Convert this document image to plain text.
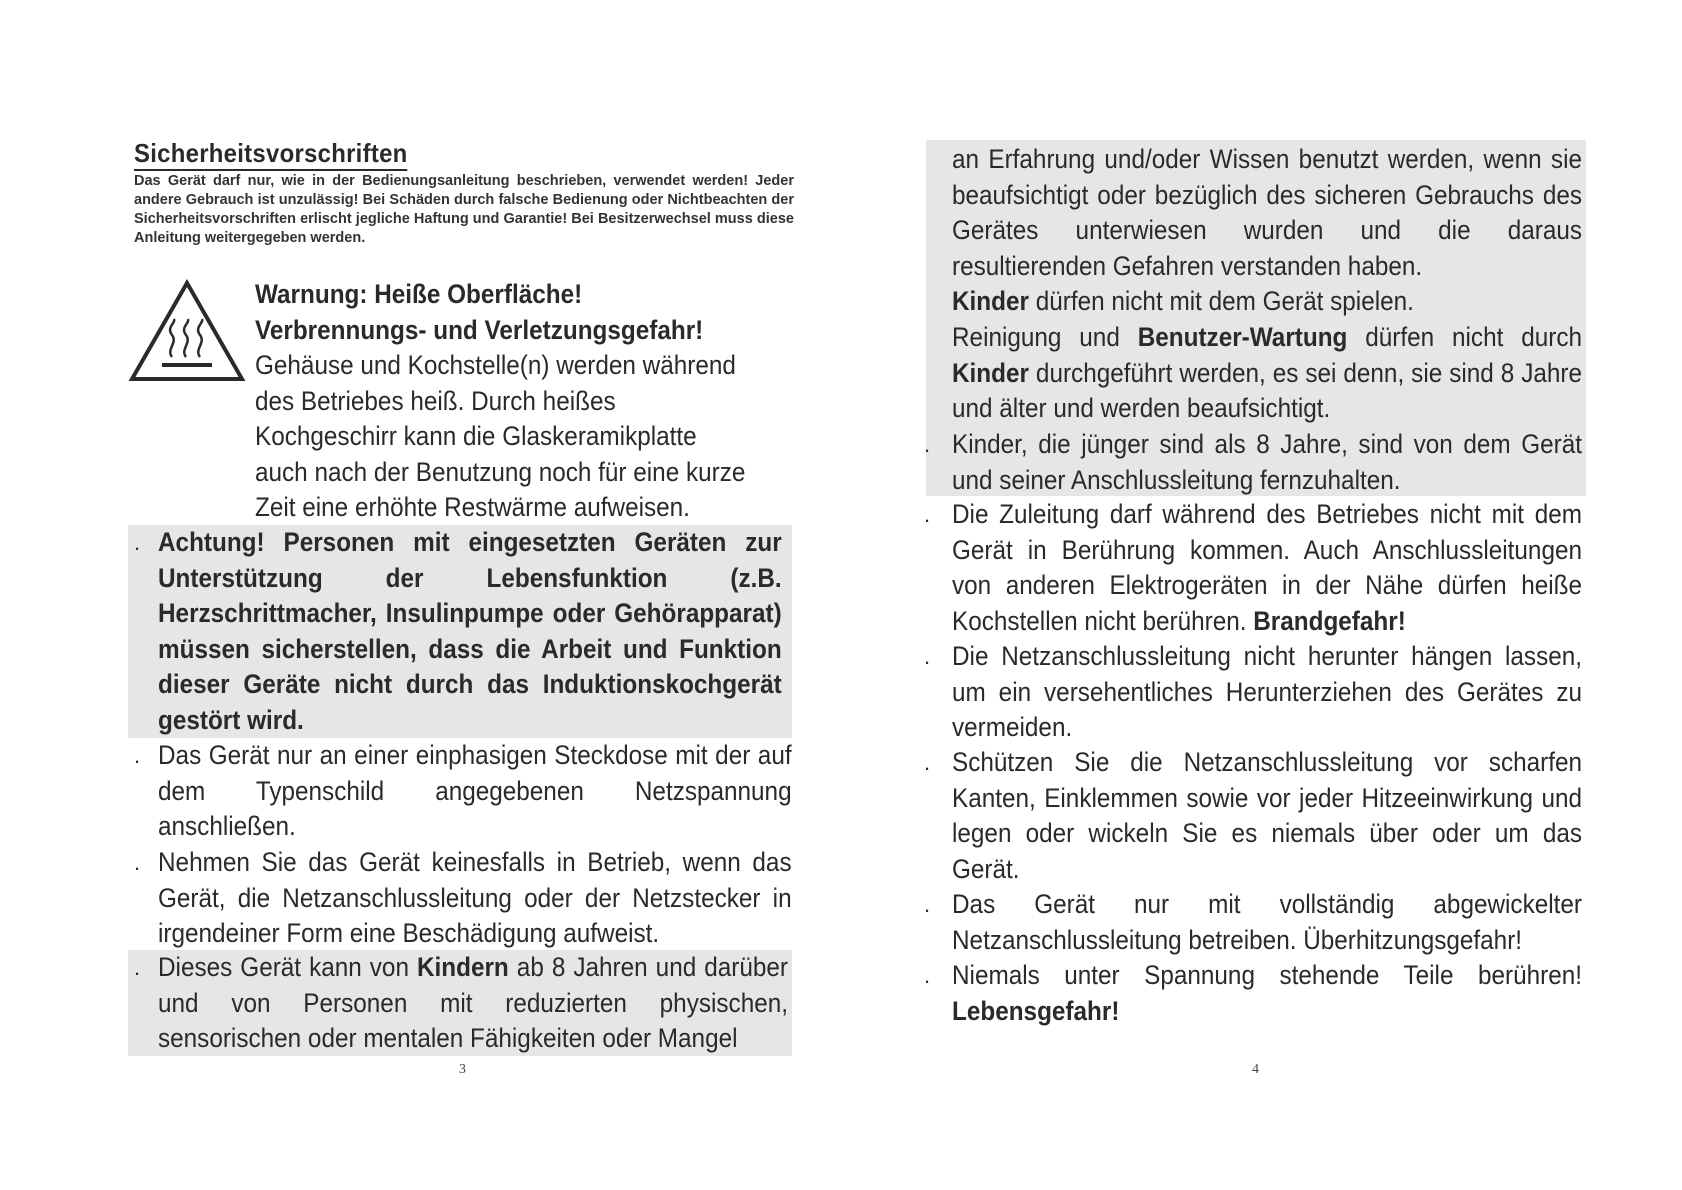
Sicherheitsvorschriften
Das Gerät darf nur, wie in der Bedienungsanleitung beschrieben, verwendet werden! Jeder andere Gebrauch ist unzulässig! Bei Schäden durch falsche Bedienung oder Nichtbeachten der Sicherheitsvorschriften erlischt jegliche Haftung und Garantie! Bei Besitzerwechsel muss diese Anleitung weitergegeben werden.
Warnung: Heiße Oberfläche!
Verbrennungs- und Verletzungsgefahr!
Gehäuse und Kochstelle(n) werden während des Betriebes heiß. Durch heißes Kochgeschirr kann die Glaskeramikplatte auch nach der Benutzung noch für eine kurze Zeit eine erhöhte Restwärme aufweisen.
. Achtung! Personen mit eingesetzten Geräten zur Unterstützung der Lebensfunktion (z.B. Herzschrittmacher, Insulinpumpe oder Gehörapparat) müssen sicherstellen, dass die Arbeit und Funktion dieser Geräte nicht durch das Induktionskochgerät gestört wird.
. Das Gerät nur an einer einphasigen Steckdose mit der auf dem Typenschild angegebenen Netzspannung anschließen.
. Nehmen Sie das Gerät keinesfalls in Betrieb, wenn das Gerät, die Netzanschlussleitung oder der Netzstecker in irgendeiner Form eine Beschädigung aufweist.
. Dieses Gerät kann von Kindern ab 8 Jahren und darüber und von Personen mit reduzierten physischen, sensorischen oder mentalen Fähigkeiten oder Mangel
3
an Erfahrung und/oder Wissen benutzt werden, wenn sie beaufsichtigt oder bezüglich des sicheren Gebrauchs des Gerätes unterwiesen wurden und die daraus resultierenden Gefahren verstanden haben.
Kinder dürfen nicht mit dem Gerät spielen.
Reinigung und Benutzer-Wartung dürfen nicht durch Kinder durchgeführt werden, es sei denn, sie sind 8 Jahre und älter und werden beaufsichtigt.
. Kinder, die jünger sind als 8 Jahre, sind von dem Gerät und seiner Anschlussleitung fernzuhalten.
. Die Zuleitung darf während des Betriebes nicht mit dem Gerät in Berührung kommen. Auch Anschlussleitungen von anderen Elektrogeräten in der Nähe dürfen heiße Kochstellen nicht berühren. Brandgefahr!
. Die Netzanschlussleitung nicht herunter hängen lassen, um ein versehentliches Herunterziehen des Gerätes zu vermeiden.
. Schützen Sie die Netzanschlussleitung vor scharfen Kanten, Einklemmen sowie vor jeder Hitzeeinwirkung und legen oder wickeln Sie es niemals über oder um das Gerät.
. Das Gerät nur mit vollständig abgewickelter Netzanschlussleitung betreiben. Überhitzungsgefahr!
. Niemals unter Spannung stehende Teile berühren! Lebensgefahr!
4
